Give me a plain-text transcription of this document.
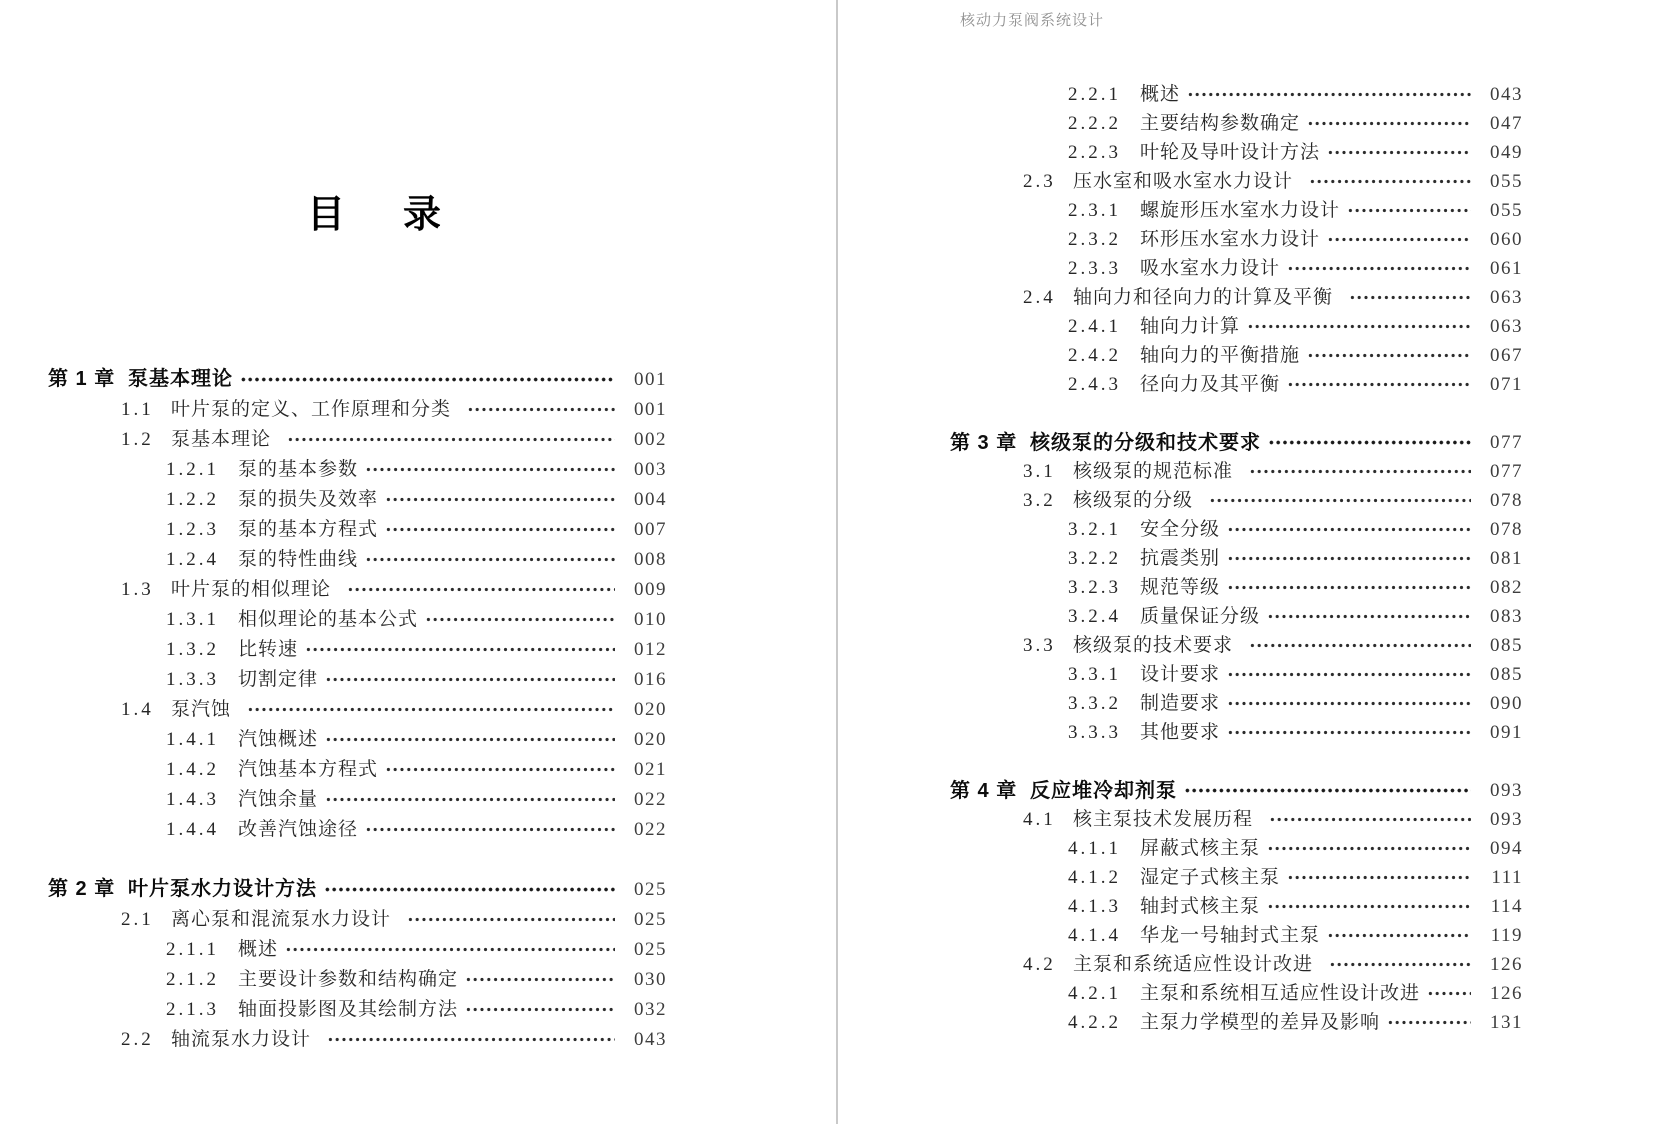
目 录
第 1 章 泵基本理论	001
1.1 叶片泵的定义、工作原理和分类	001
1.2 泵基本理论	002
1.2.1	泵的基本参数	003
1.2.2	泵的损失及效率	004
1.2.3	泵的基本方程式	007
1.2.4	泵的特性曲线	008
1.3 叶片泵的相似理论	009
1.3.1	相似理论的基本公式	010
1.3.2	比转速	012
1.3.3	切割定律	016
1.4 泵汽蚀	020
1.4.1	汽蚀概述	020
1.4.2	汽蚀基本方程式	021
1.4.3	汽蚀余量	022
1.4.4	改善汽蚀途径	022
第 2 章 叶片泵水力设计方法	025
2.1 离心泵和混流泵水力设计	025
2.1.1	概述	025
2.1.2	主要设计参数和结构确定	030
2.1.3	轴面投影图及其绘制方法	032
2.2 轴流泵水力设计	043
核动力泵阀系统设计
2.2.1	概述	043
2.2.2	主要结构参数确定	047
2.2.3	叶轮及导叶设计方法	049
2.3 压水室和吸水室水力设计	055
2.3.1	螺旋形压水室水力设计	055
2.3.2	环形压水室水力设计	060
2.3.3	吸水室水力设计	061
2.4 轴向力和径向力的计算及平衡	063
2.4.1	轴向力计算	063
2.4.2	轴向力的平衡措施	067
2.4.3	径向力及其平衡	071
第 3 章 核级泵的分级和技术要求	077
3.1 核级泵的规范标准	077
3.2 核级泵的分级	078
3.2.1	安全分级	078
3.2.2	抗震类别	081
3.2.3	规范等级	082
3.2.4	质量保证分级	083
3.3 核级泵的技术要求	085
3.3.1	设计要求	085
3.3.2	制造要求	090
3.3.3	其他要求	091
第 4 章 反应堆冷却剂泵	093
4.1 核主泵技术发展历程	093
4.1.1	屏蔽式核主泵	094
4.1.2	湿定子式核主泵	111
4.1.3	轴封式核主泵	114
4.1.4	华龙一号轴封式主泵	119
4.2 主泵和系统适应性设计改进	126
4.2.1	主泵和系统相互适应性设计改进	126
4.2.2	主泵力学模型的差异及影响	131
